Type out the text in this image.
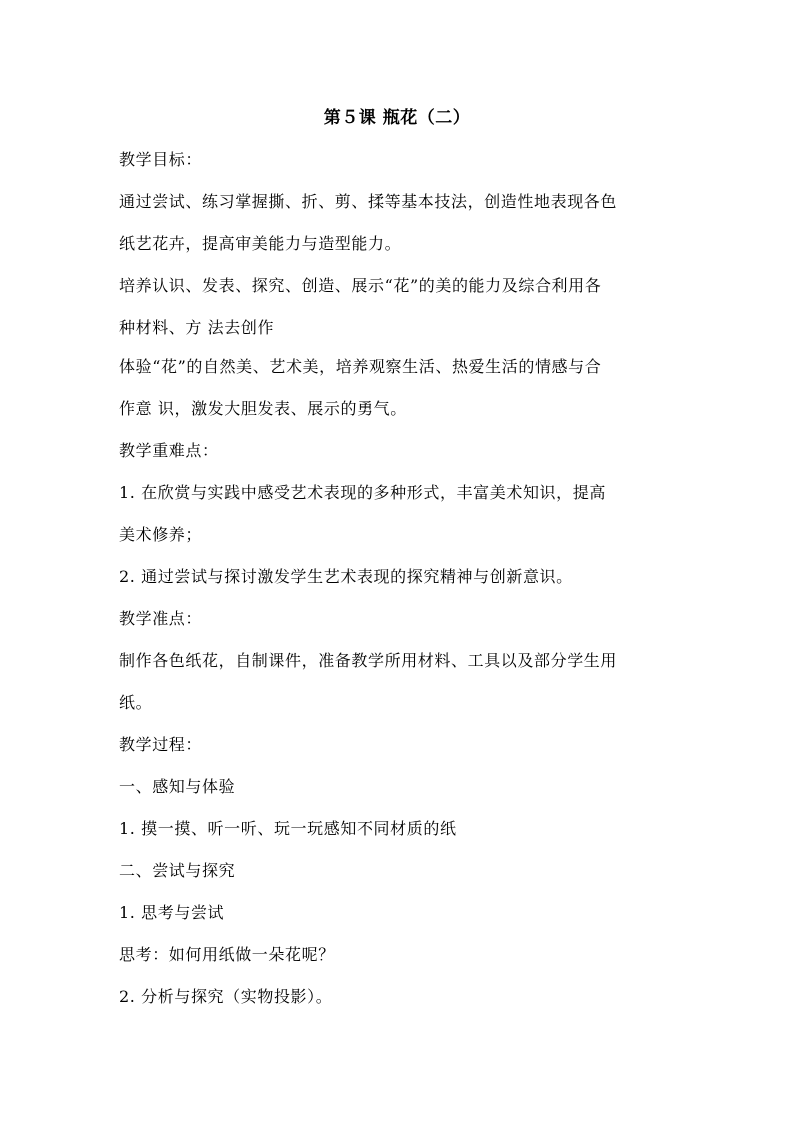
第５课 瓶花（二）
教学目标：
通过尝试、练习掌握撕、折、剪、揉等基本技法，创造性地表现各色
纸艺花卉，提高审美能力与造型能力。
培养认识、发表、探究、创造、展示“花”的美的能力及综合利用各
种材料、方 法去创作
体验“花”的自然美、艺术美，培养观察生活、热爱生活的情感与合
作意 识，激发大胆发表、展示的勇气。
教学重难点：
1. 在欣赏与实践中感受艺术表现的多种形式，丰富美术知识，提高
美术修养；
2. 通过尝试与探讨激发学生艺术表现的探究精神与创新意识。
教学准点：
制作各色纸花，自制课件，准备教学所用材料、工具以及部分学生用
纸。
教学过程：
一、感知与体验
1. 摸一摸、听一听、玩一玩感知不同材质的纸
二、尝试与探究
1. 思考与尝试
思考：如何用纸做一朵花呢？
2. 分析与探究（实物投影）。
